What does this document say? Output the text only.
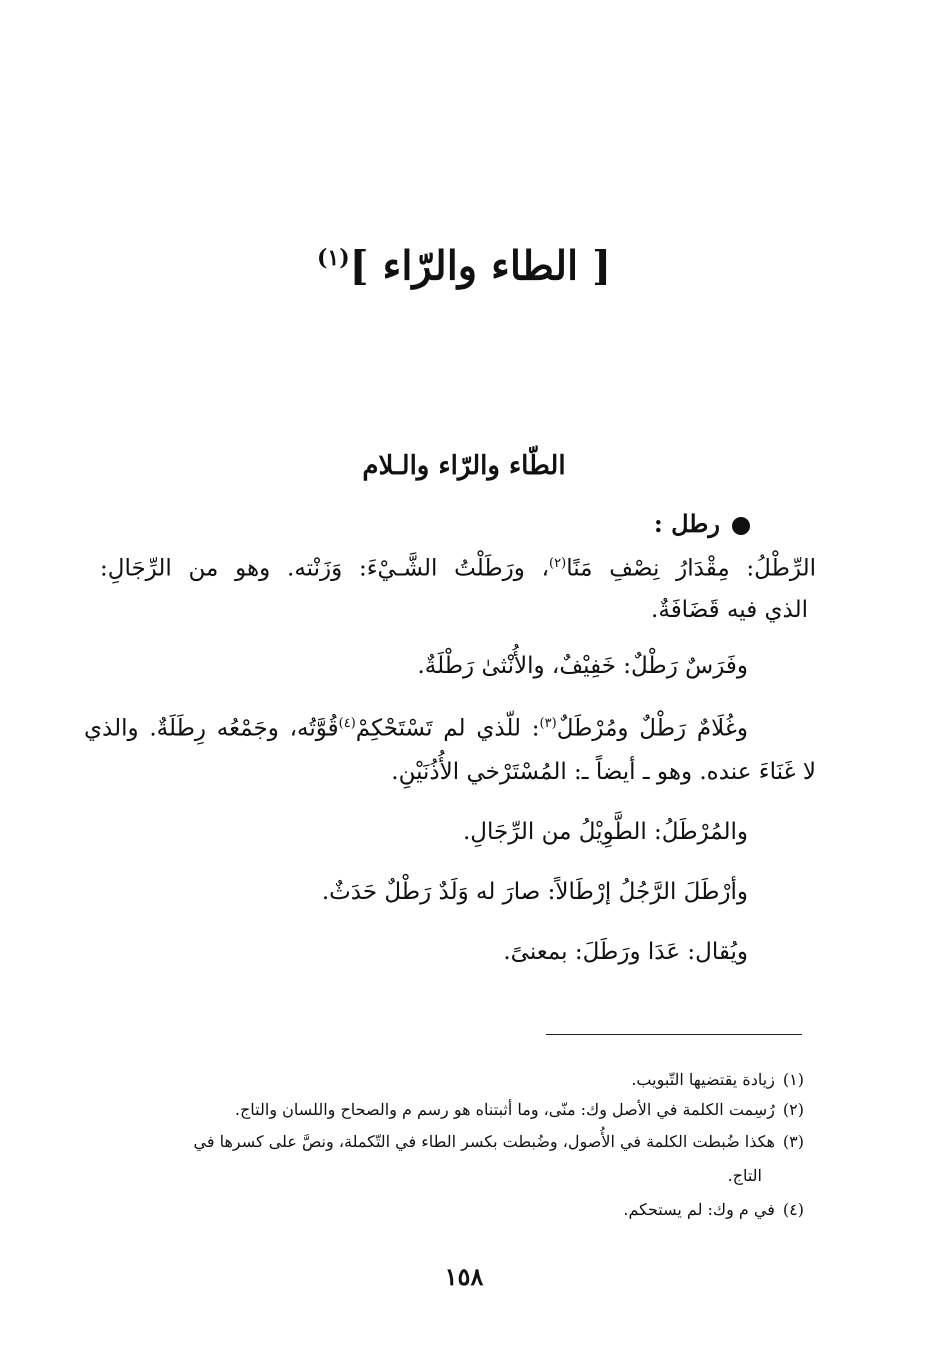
[ الطاء والرّاء ]$^{(١)}$
الطّاء والرّاء والـلام
رطل :
الرِّطْلُ: مِقْدَارُ نِصْفِ مَنًا$^{(٢)}$، ورَطَلْتُ الشَّـيْءَ: وَزَنْته. وهو من الرِّجَالِ:
الذي فيه قَضَافَةٌ.
وفَرَسٌ رَطْلٌ: خَفِيْفٌ، والأُنْثىٰ رَطْلَةٌ.
وغُلَامٌ رَطْلٌ ومُرْطَلٌ$^{(٣)}$: للّذي لم تَسْتَحْكِمْ$^{(٤)}$قُوَّتُه، وجَمْعُه رِطَلَةٌ. والذي
لا غَنَاءَ عنده. وهو ـ أيضاً ـ: المُسْتَرْخي الأُذُنَيْنِ.
والمُرْطَلُ: الطَّوِيْلُ من الرِّجَالِ.
وأرْطَلَ الرَّجُلُ إرْطَالاً: صارَ له وَلَدٌ رَطْلٌ حَدَثٌ.
ويُقال: عَدَا ورَطَلَ: بمعنىً.
(١)زيادة يقتضيها التّبويب.
(٢)رُسِمت الكلمة في الأصل وك: منّى، وما أثبتناه هو رسم م والصحاح واللسان والتاج.
(٣)هكذا ضُبطت الكلمة في الأُصول، وضُبطت بكسر الطاء في التّكملة، ونصَّ على كسرها في
التاج.
(٤)في م وك: لم يستحكم.
١٥٨
